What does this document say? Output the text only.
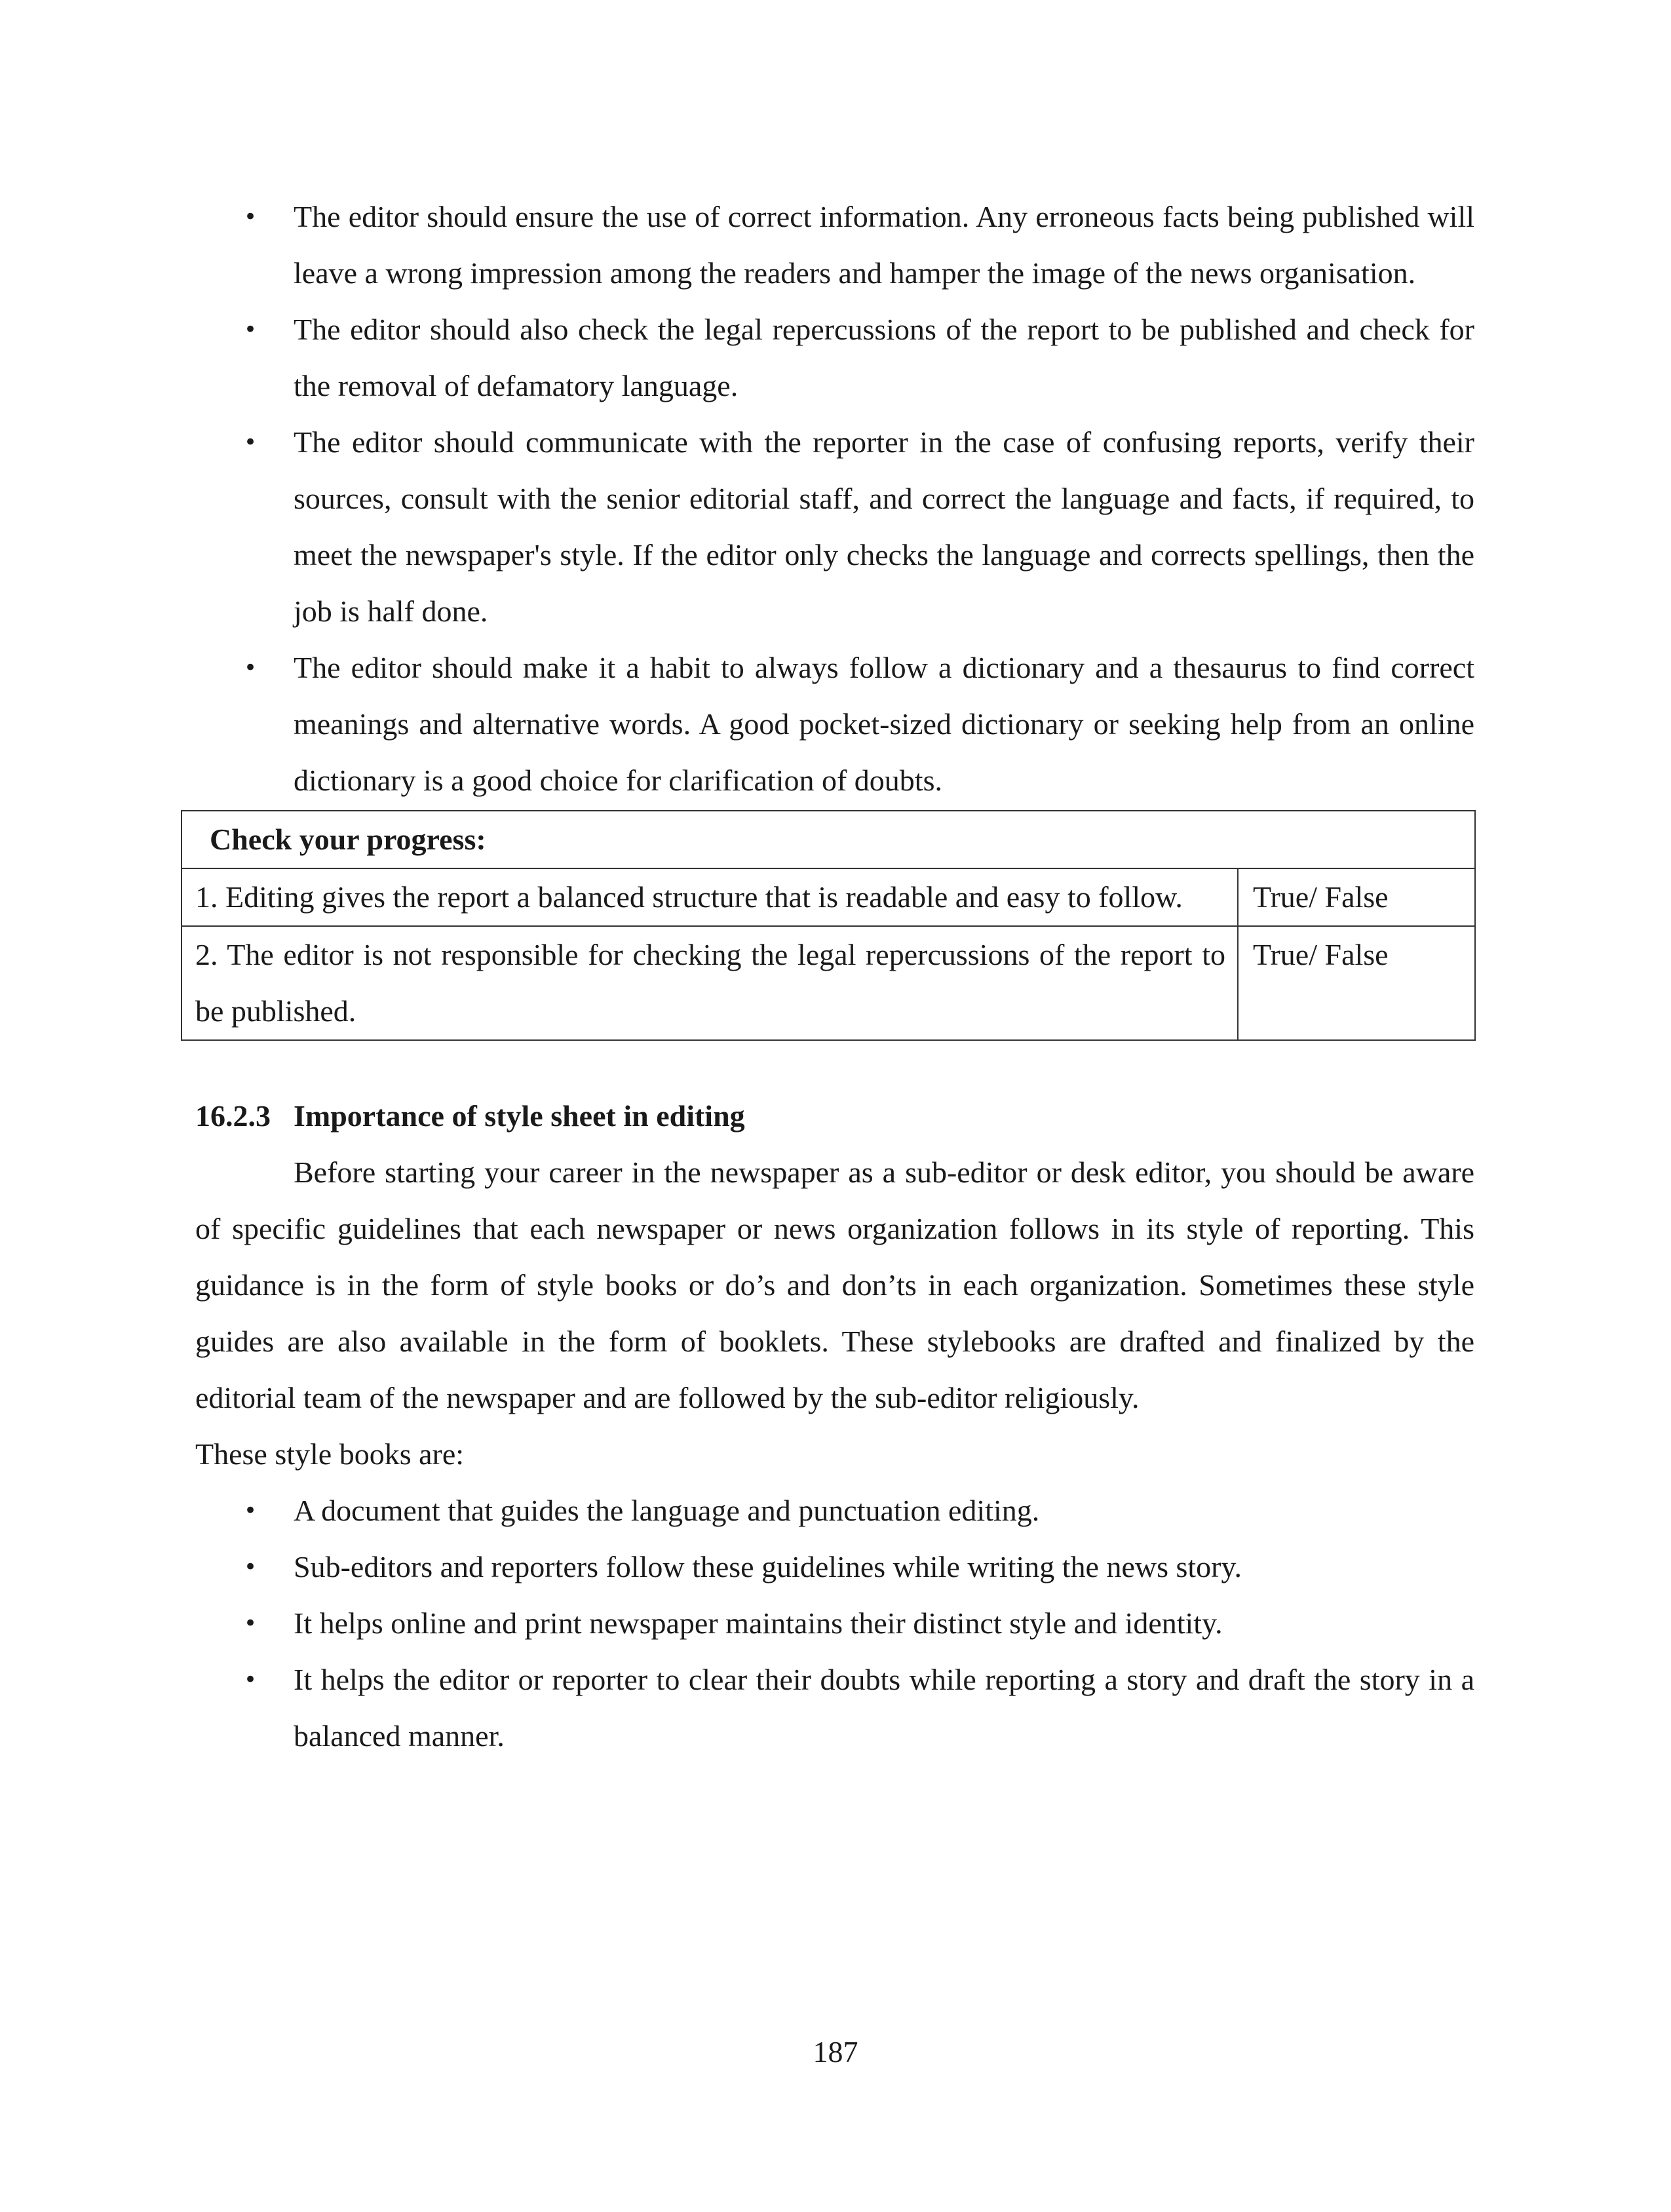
• The editor should ensure the use of correct information. Any erroneous facts being published will leave a wrong impression among the readers and hamper the image of the news organisation.
• The editor should also check the legal repercussions of the report to be published and check for the removal of defamatory language.
• The editor should communicate with the reporter in the case of confusing reports, verify their sources, consult with the senior editorial staff, and correct the language and facts, if required, to meet the newspaper's style. If the editor only checks the language and corrects spellings, then the job is half done.
• The editor should make it a habit to always follow a dictionary and a thesaurus to find correct meanings and alternative words. A good pocket-sized dictionary or seeking help from an online dictionary is a good choice for clarification of doubts.
Check your progress:	
1. Editing gives the report a balanced structure that is readable and easy to follow.	True/ False
2. The editor is not responsible for checking the legal repercussions of the report to be published.	True/ False
16.2.3 Importance of style sheet in editing

Before starting your career in the newspaper as a sub-editor or desk editor, you should be aware of specific guidelines that each newspaper or news organization follows in its style of reporting. This guidance is in the form of style books or do’s and don’ts in each organization. Sometimes these style guides are also available in the form of booklets. These stylebooks are drafted and finalized by the editorial team of the newspaper and are followed by the sub-editor religiously.

These style books are:

• A document that guides the language and punctuation editing.
• Sub-editors and reporters follow these guidelines while writing the news story.
• It helps online and print newspaper maintains their distinct style and identity.
• It helps the editor or reporter to clear their doubts while reporting a story and draft the story in a balanced manner.
187
